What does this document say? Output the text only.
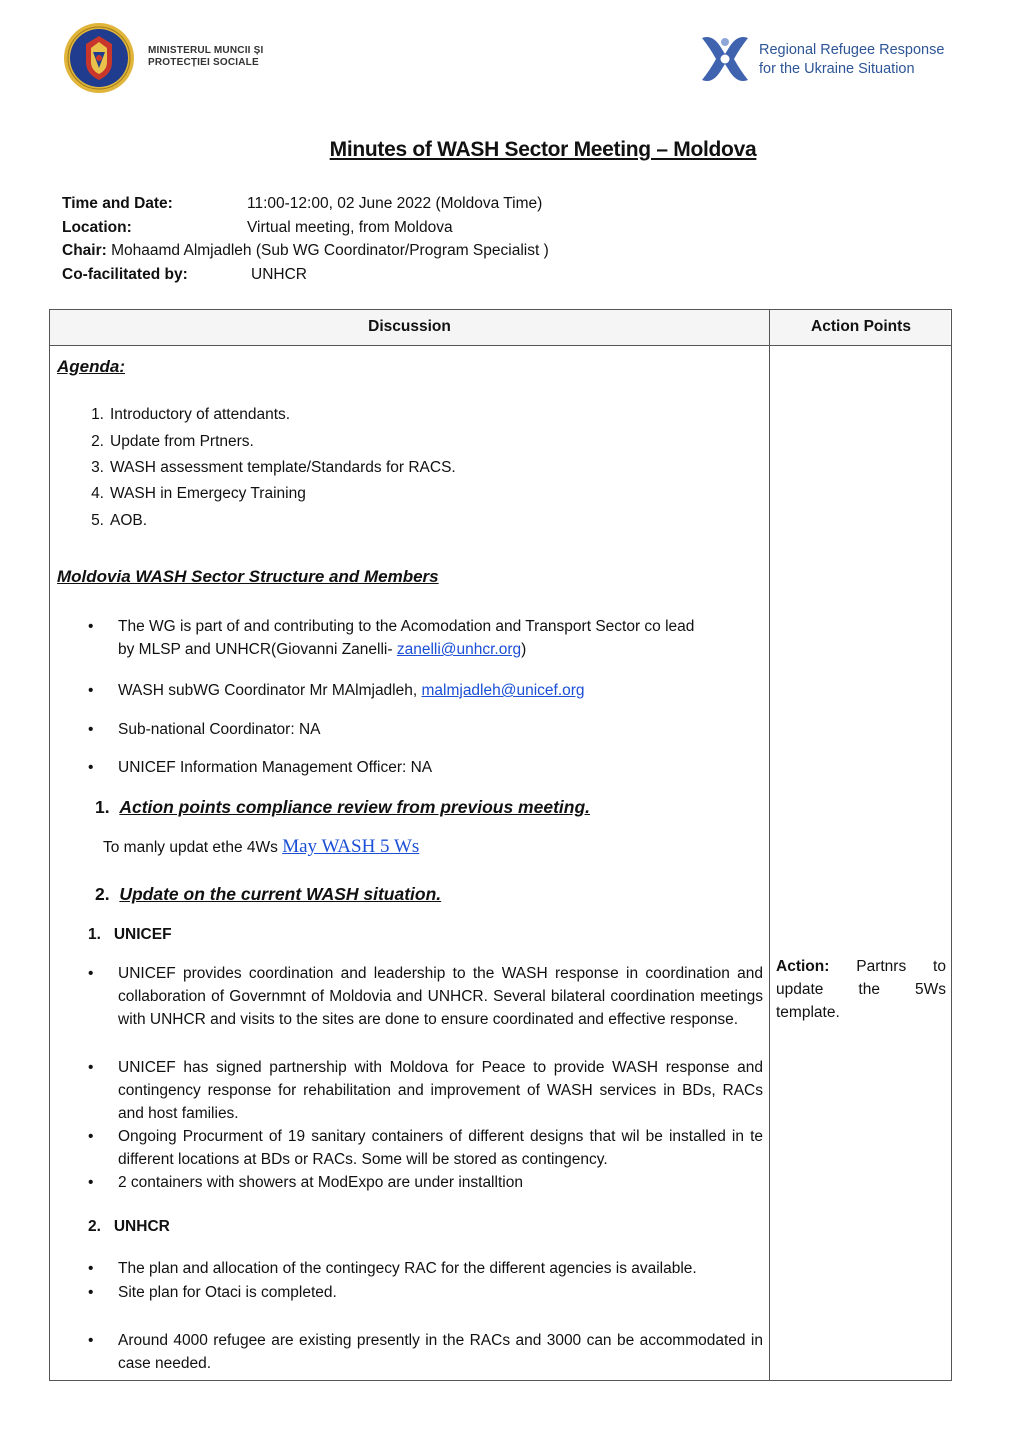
MINISTERUL MUNCII ȘI
PROTECȚIEI SOCIALE
Regional Refugee Response
for the Ukraine Situation
Minutes of WASH Sector Meeting – Moldova
Time and Date:	11:00-12:00, 02 June 2022 (Moldova Time)
Location:	Virtual meeting, from Moldova
Chair: Mohaamd Almjadleh (Sub WG Coordinator/Program Specialist )
Co-facilitated by:	UNHCR
Discussion	Action Points
Agenda:
1. Introductory of attendants.
2. Update from Prtners.
3. WASH assessment template/Standards for RACS.
4. WASH in Emergecy Training
5. AOB.
Moldovia WASH Sector Structure and Members
• The WG is part of and contributing to the Acomodation and Transport Sector co lead
by MLSP and UNHCR(Giovanni Zanelli- zanelli@unhcr.org)
• WASH subWG Coordinator Mr MAlmjadleh, malmjadleh@unicef.org
• Sub-national Coordinator: NA
• UNICEF Information Management Officer: NA
1. Action points compliance review from previous meeting.
To manly updat ethe 4Ws May WASH 5 Ws
2. Update on the current WASH situation.
1. UNICEF
• UNICEF provides coordination and leadership to the WASH response in coordination and collaboration of Governmnt of Moldovia and UNHCR. Several bilateral coordination meetings with UNHCR and visits to the sites are done to ensure coordinated and effective response.
• UNICEF has signed partnership with Moldova for Peace to provide WASH response and contingency response for rehabilitation and improvement of WASH services in BDs, RACs and host families.
• Ongoing Procurment of 19 sanitary containers of different designs that wil be installed in te different locations at BDs or RACs. Some will be stored as contingency.
• 2 containers with showers at ModExpo are under installtion
2. UNHCR
• The plan and allocation of the contingecy RAC for the different agencies is available.
• Site plan for Otaci is completed.
• Around 4000 refugee are existing presently in the RACs and 3000 can be accommodated in case needed.
Action: Partnrs to update the 5Ws template.
